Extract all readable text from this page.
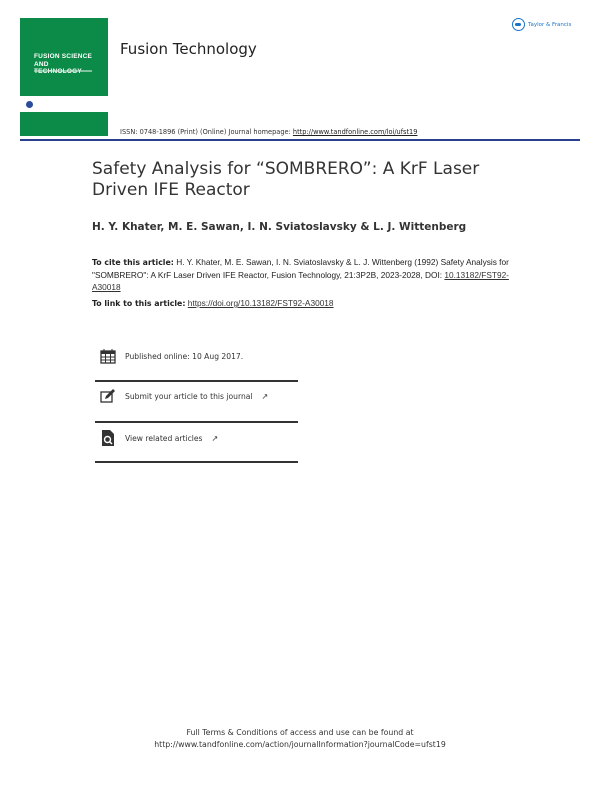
FUSION SCIENCE AND
Fusion Technology
Taylor & Francis
ISSN: 0748-1896 (Print) (Online) Journal homepage: http://www.tandfonline.com/loi/ufst19
Safety Analysis for “SOMBRERO”: A KrF Laser Driven IFE Reactor
H. Y. Khater, M. E. Sawan, I. N. Sviatoslavsky & L. J. Wittenberg
To cite this article: H. Y. Khater, M. E. Sawan, I. N. Sviatoslavsky & L. J. Wittenberg (1992) Safety Analysis for "SOMBRERO": A KrF Laser Driven IFE Reactor, Fusion Technology, 21:3P2B, 2023-2028, DOI: 10.13182/FST92-A30018
To link to this article: https://doi.org/10.13182/FST92-A30018
Published online: 10 Aug 2017.
Submit your article to this journal ↗
View related articles ↗
Full Terms & Conditions of access and use can be found at
http://www.tandfonline.com/action/journalInformation?journalCode=ufst19
